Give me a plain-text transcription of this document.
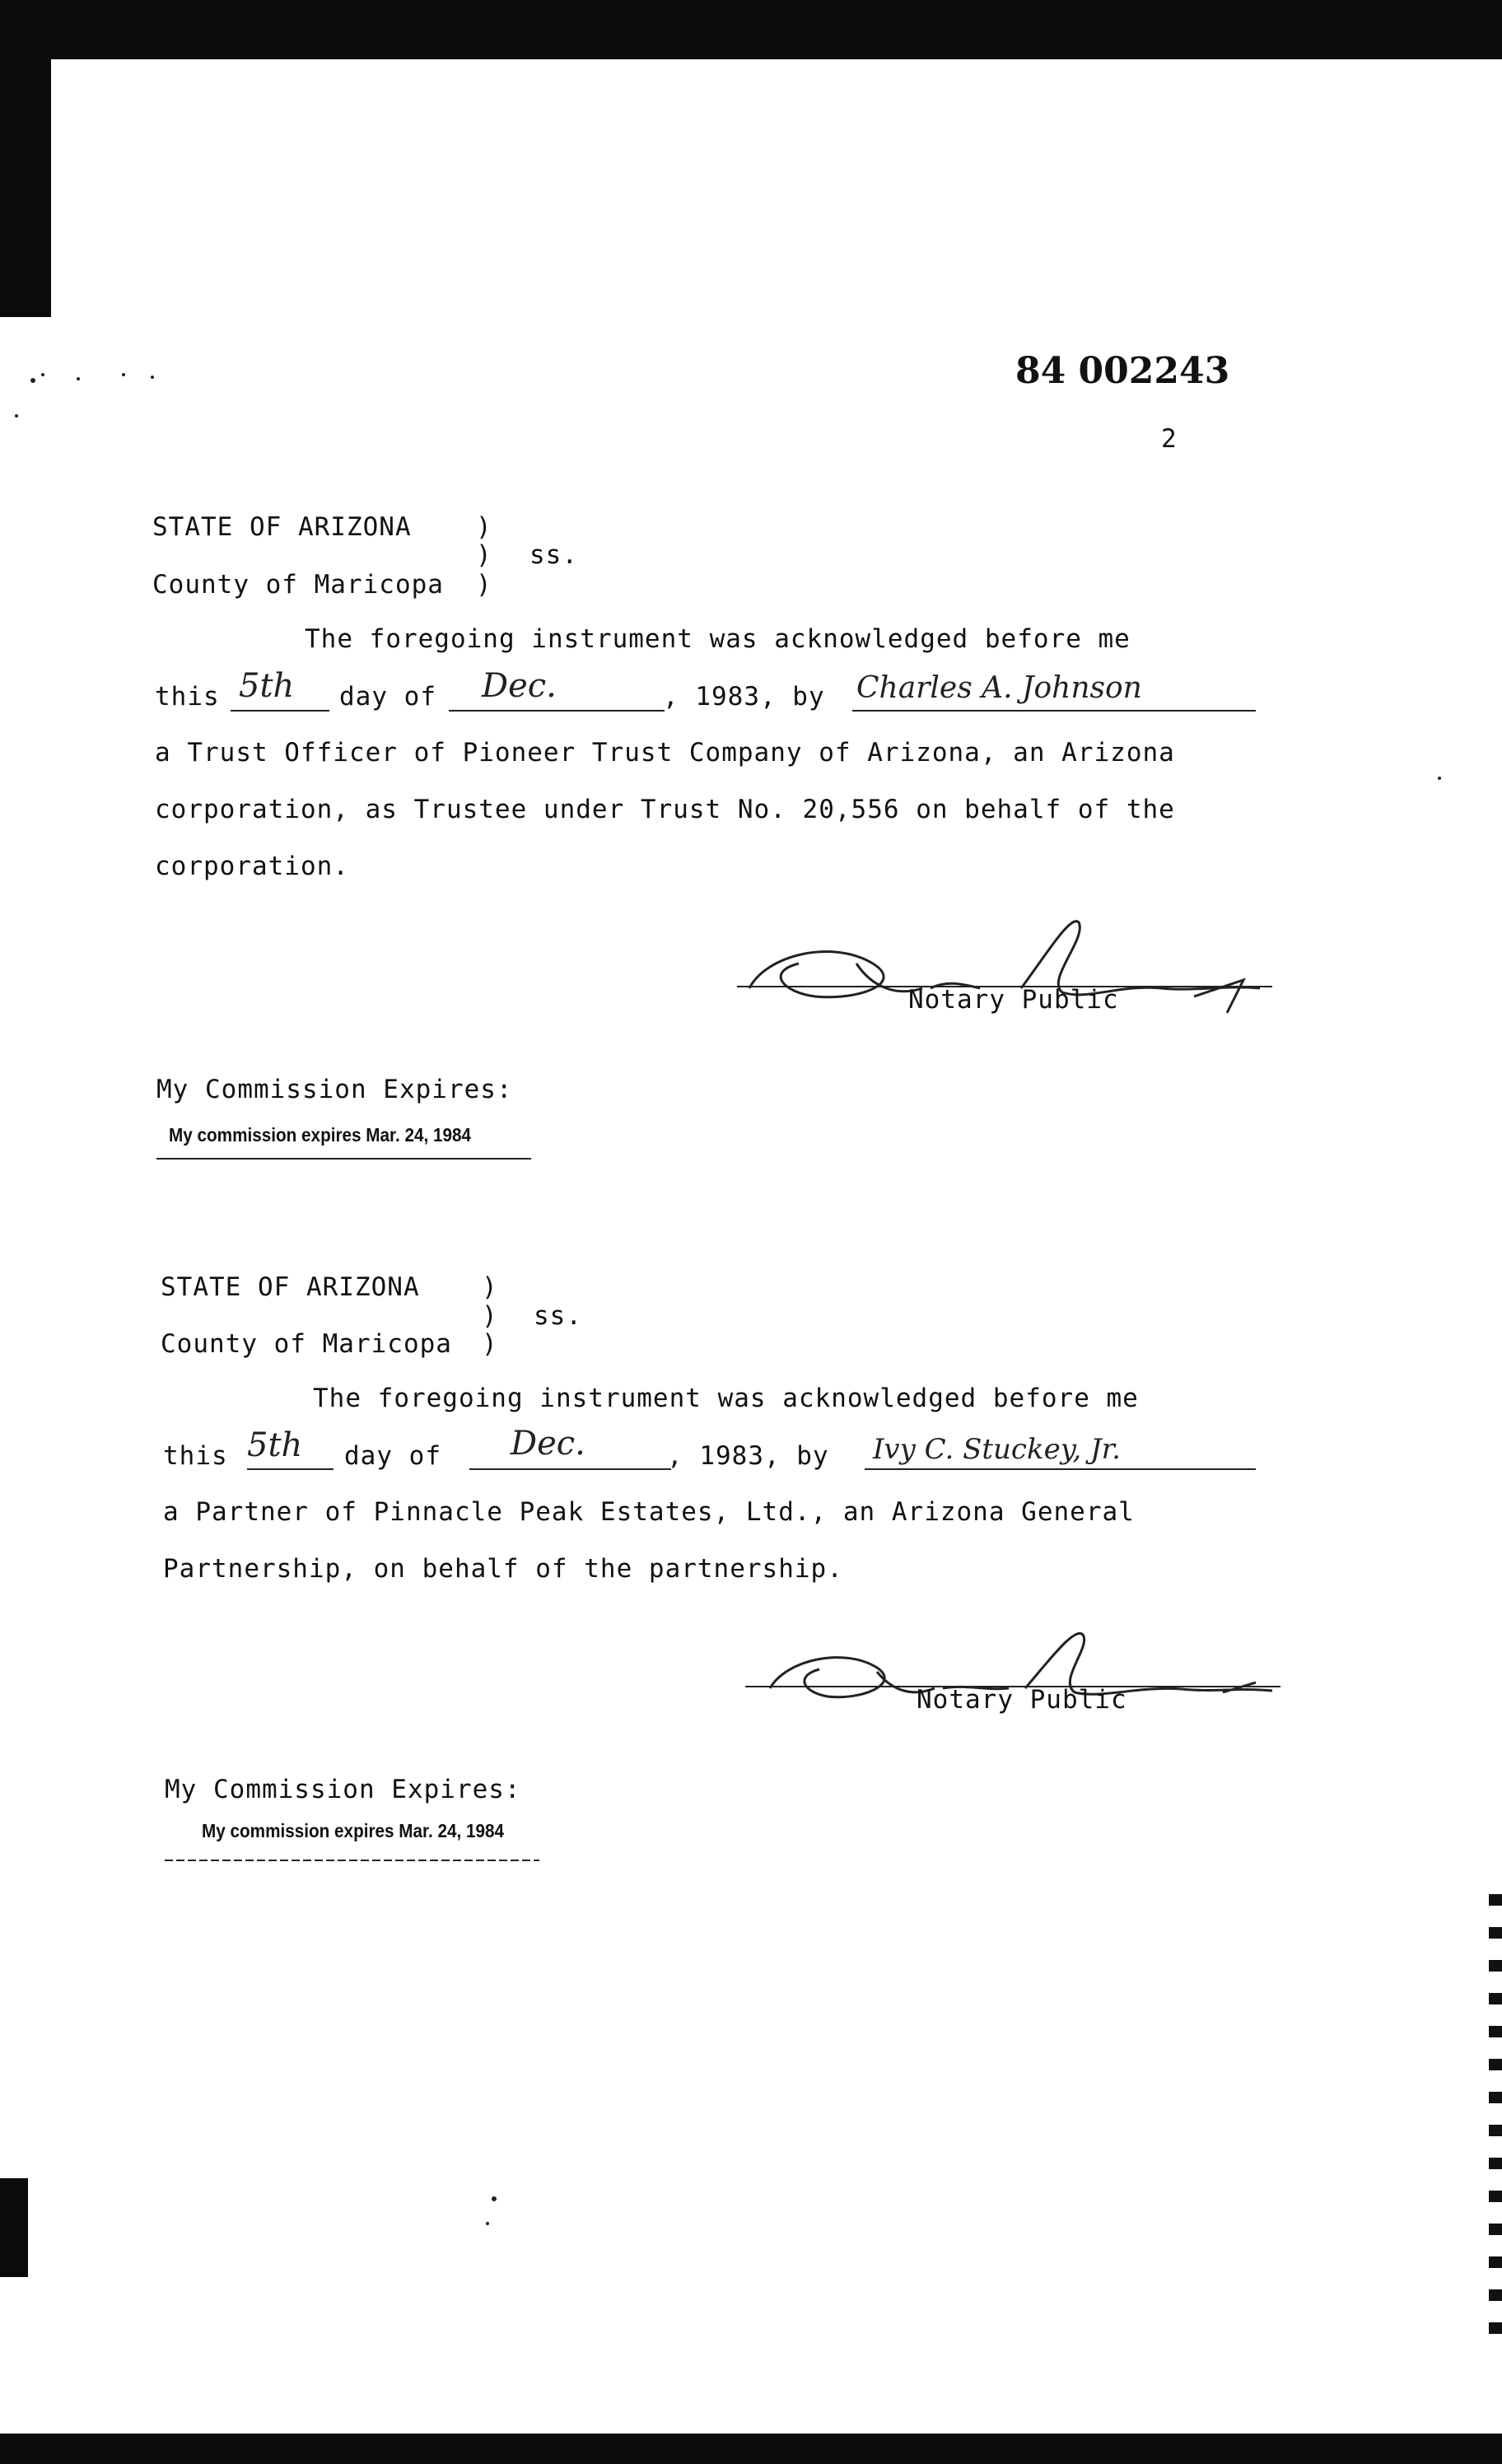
84 002243
2
STATE OF ARIZONA	)
) ss.
County of Maricopa )
The foregoing instrument was acknowledged before me
this 5th day of Dec.	, 1983, by Charles A. Johnson
a Trust Officer of Pioneer Trust Company of Arizona, an Arizona
corporation, as Trustee under Trust No. 20,556 on behalf of the
corporation.
Notary Public
My Commission Expires:
My commission expires Mar. 24, 1984
STATE OF ARIZONA )
) ss.
County of Maricopa )
The foregoing instrument was acknowledged before me
this 5th day of Dec.	, 1983, by Ivy C. Stuckey, Jr.
a Partner of Pinnacle Peak Estates, Ltd., an Arizona General
Partnership, on behalf of the partnership.
Notary Public
My Commission Expires:
My commission expires Mar. 24, 1984
